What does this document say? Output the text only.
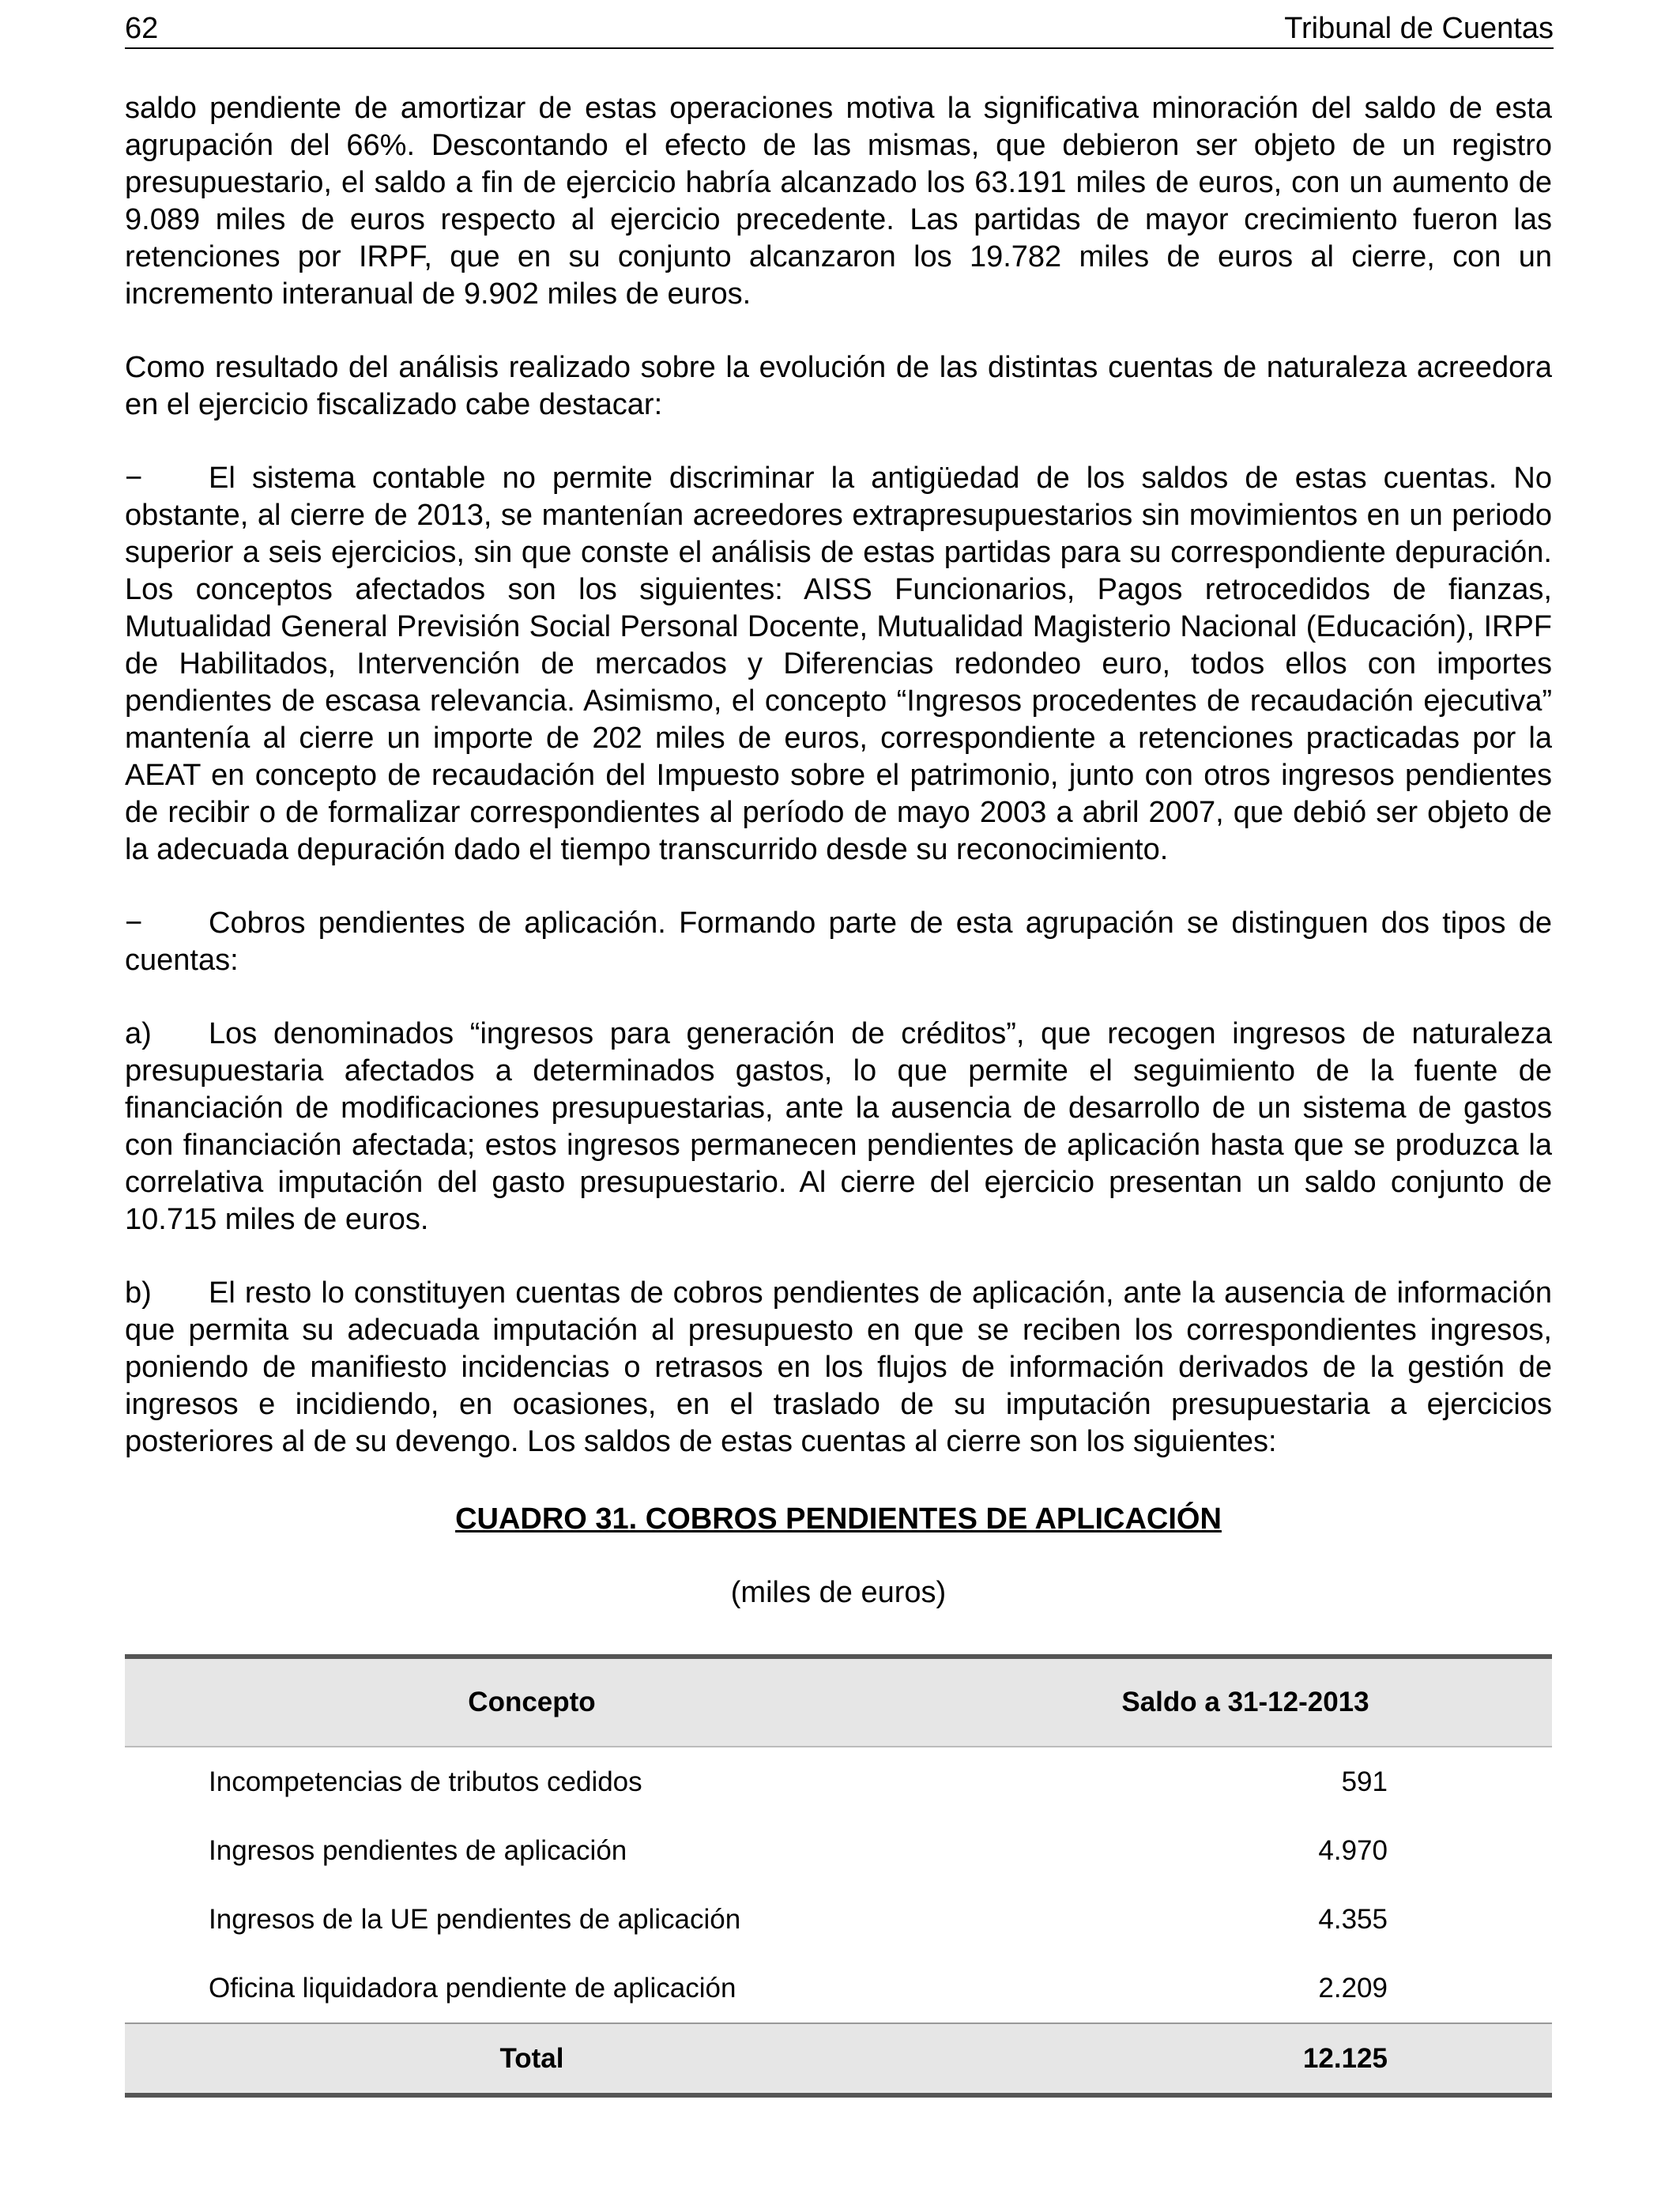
62	Tribunal de Cuentas

saldo pendiente de amortizar de estas operaciones motiva la significativa minoración del saldo de esta agrupación del 66%. Descontando el efecto de las mismas, que debieron ser objeto de un registro presupuestario, el saldo a fin de ejercicio habría alcanzado los 63.191 miles de euros, con un aumento de 9.089 miles de euros respecto al ejercicio precedente. Las partidas de mayor crecimiento fueron las retenciones por IRPF, que en su conjunto alcanzaron los 19.782 miles de euros al cierre, con un incremento interanual de 9.902 miles de euros.

Como resultado del análisis realizado sobre la evolución de las distintas cuentas de naturaleza acreedora en el ejercicio fiscalizado cabe destacar:

− El sistema contable no permite discriminar la antigüedad de los saldos de estas cuentas. No obstante, al cierre de 2013, se mantenían acreedores extrapresupuestarios sin movimientos en un periodo superior a seis ejercicios, sin que conste el análisis de estas partidas para su correspondiente depuración. Los conceptos afectados son los siguientes: AISS Funcionarios, Pagos retrocedidos de fianzas, Mutualidad General Previsión Social Personal Docente, Mutualidad Magisterio Nacional (Educación), IRPF de Habilitados, Intervención de mercados y Diferencias redondeo euro, todos ellos con importes pendientes de escasa relevancia. Asimismo, el concepto “Ingresos procedentes de recaudación ejecutiva” mantenía al cierre un importe de 202 miles de euros, correspondiente a retenciones practicadas por la AEAT en concepto de recaudación del Impuesto sobre el patrimonio, junto con otros ingresos pendientes de recibir o de formalizar correspondientes al período de mayo 2003 a abril 2007, que debió ser objeto de la adecuada depuración dado el tiempo transcurrido desde su reconocimiento.

− Cobros pendientes de aplicación. Formando parte de esta agrupación se distinguen dos tipos de cuentas:

a) Los denominados “ingresos para generación de créditos”, que recogen ingresos de naturaleza presupuestaria afectados a determinados gastos, lo que permite el seguimiento de la fuente de financiación de modificaciones presupuestarias, ante la ausencia de desarrollo de un sistema de gastos con financiación afectada; estos ingresos permanecen pendientes de aplicación hasta que se produzca la correlativa imputación del gasto presupuestario. Al cierre del ejercicio presentan un saldo conjunto de 10.715 miles de euros.

b) El resto lo constituyen cuentas de cobros pendientes de aplicación, ante la ausencia de información que permita su adecuada imputación al presupuesto en que se reciben los correspondientes ingresos, poniendo de manifiesto incidencias o retrasos en los flujos de información derivados de la gestión de ingresos e incidiendo, en ocasiones, en el traslado de su imputación presupuestaria a ejercicios posteriores al de su devengo. Los saldos de estas cuentas al cierre son los siguientes:

CUADRO 31. COBROS PENDIENTES DE APLICACIÓN

(miles de euros)

Concepto	Saldo a 31-12-2013
Incompetencias de tributos cedidos	591
Ingresos pendientes de aplicación	4.970
Ingresos de la UE pendientes de aplicación	4.355
Oficina liquidadora pendiente de aplicación	2.209
Total	12.125
